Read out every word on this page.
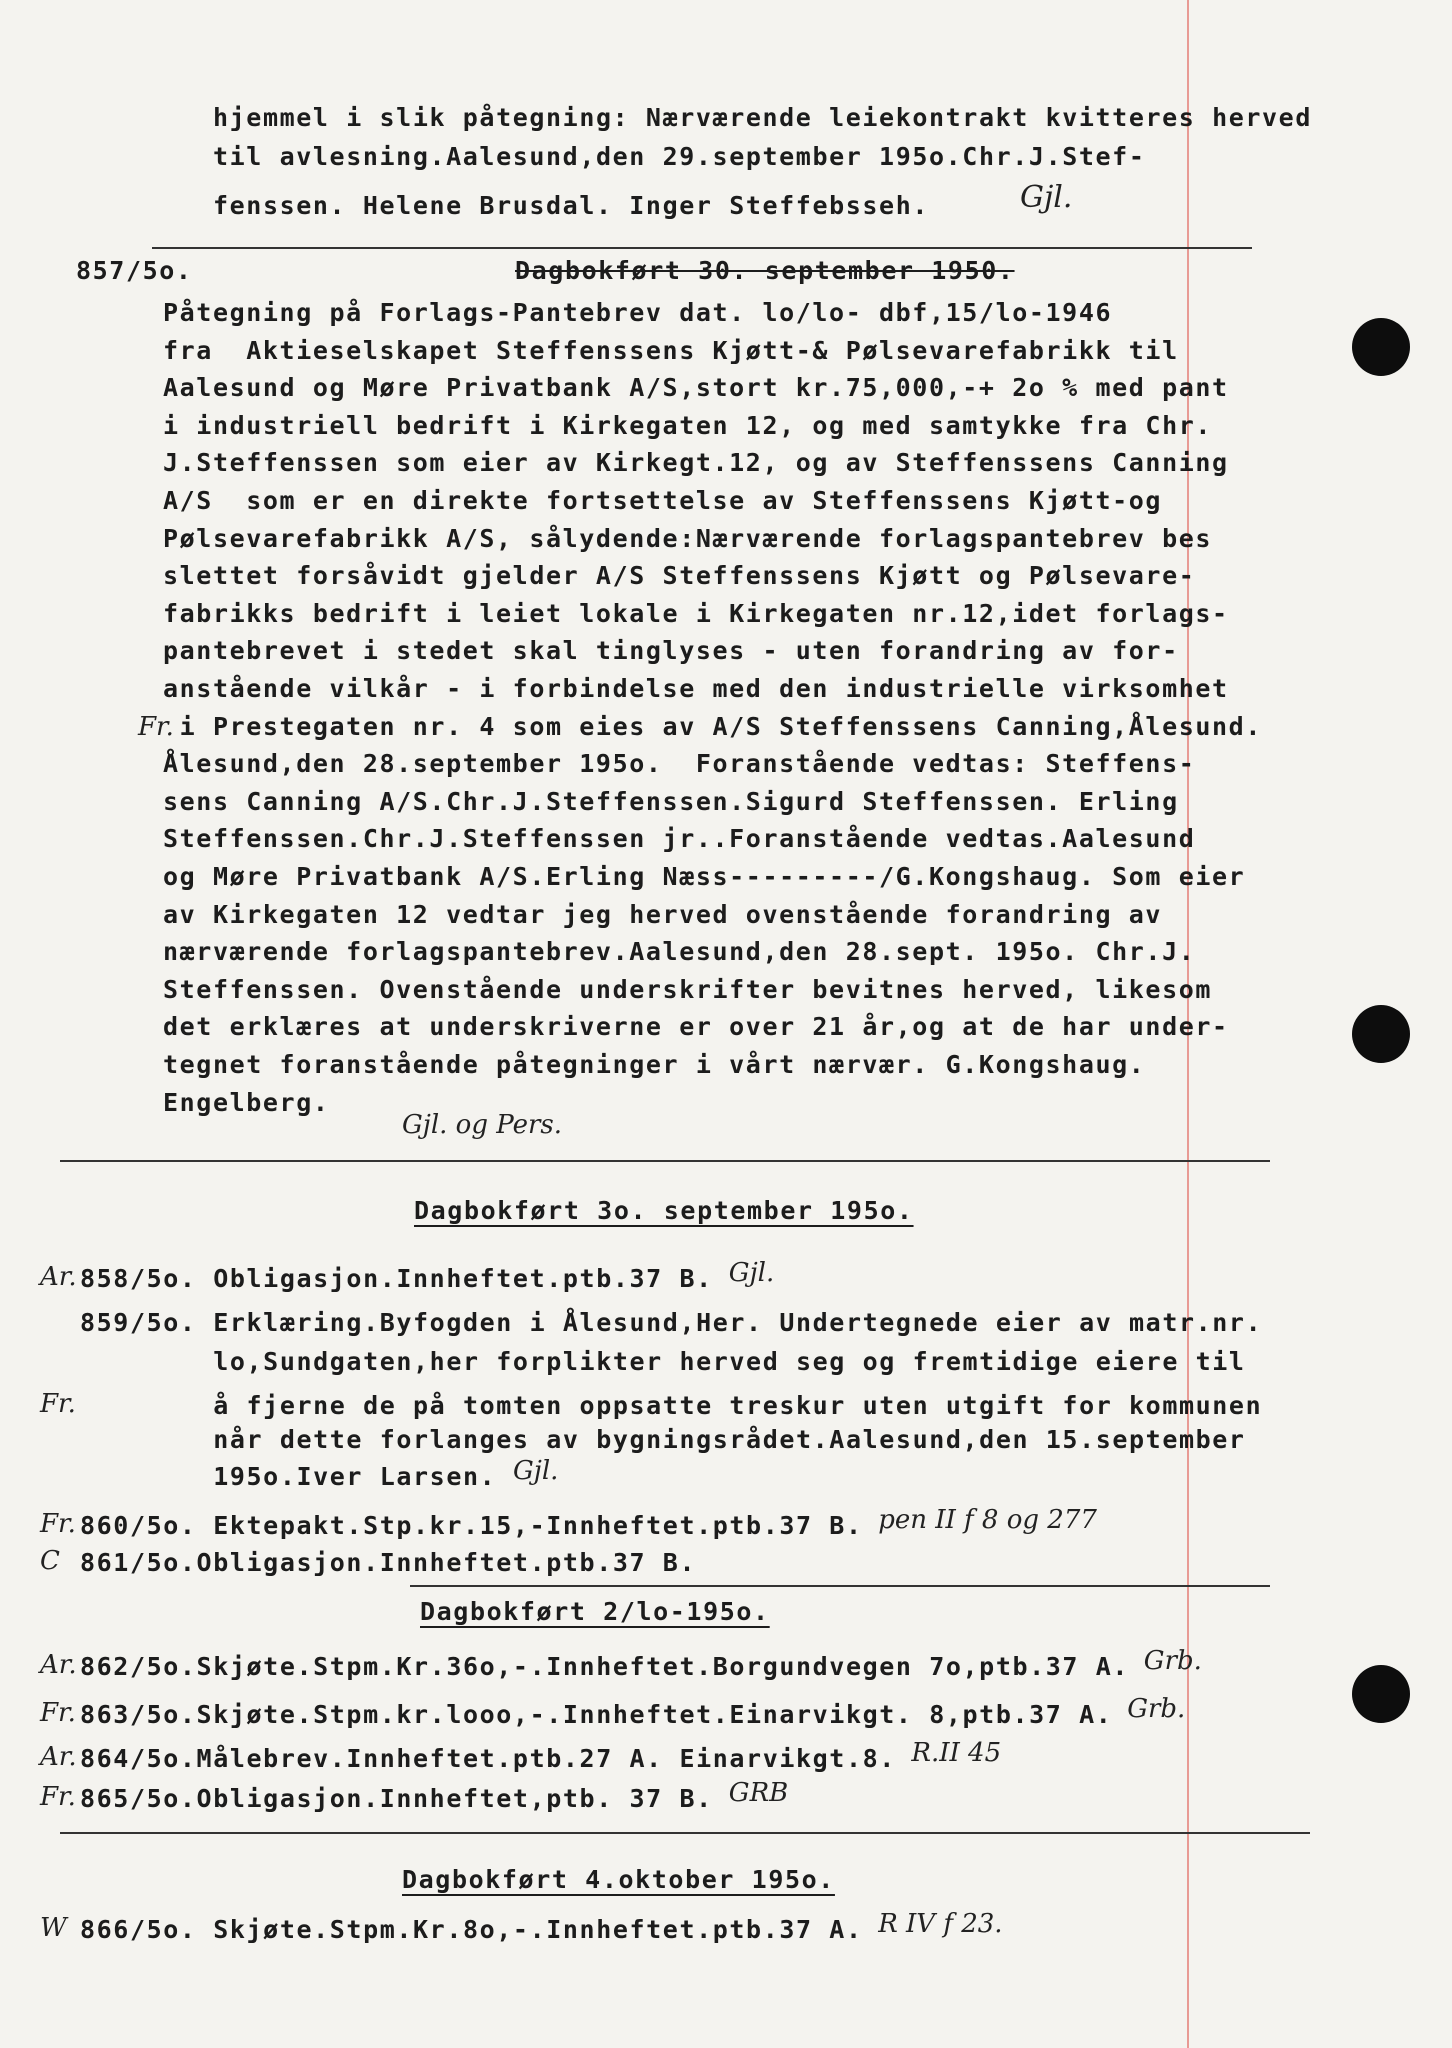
hjemmel i slik påtegning: Nærværende leiekontrakt kvitteres herved
til avlesning.Aalesund,den 29.september 195o.Chr.J.Stef-
fenssen. Helene Brusdal. Inger Steffebsseh.	Gjl.
857/5o.	Dagbokført 30. september 1950.
Fr.
Påtegning på Forlags-Pantebrev dat. lo/lo- dbf,15/lo-1946
fra  Aktieselskapet Steffenssens Kjøtt-& Pølsevarefabrikk til
Aalesund og Møre Privatbank A/S,stort kr.75,000,-+ 2o % med pant
i industriell bedrift i Kirkegaten 12, og med samtykke fra Chr.
J.Steffenssen som eier av Kirkegt.12, og av Steffenssens Canning
A/S  som er en direkte fortsettelse av Steffenssens Kjøtt-og
Pølsevarefabrikk A/S, sålydende:Nærværende forlagspantebrev bes
slettet forsåvidt gjelder A/S Steffenssens Kjøtt og Pølsevare-
fabrikks bedrift i leiet lokale i Kirkegaten nr.12,idet forlags-
pantebrevet i stedet skal tinglyses - uten forandring av for-
anstående vilkår - i forbindelse med den industrielle virksomhet
i Prestegaten nr. 4 som eies av A/S Steffenssens Canning,Ålesund.
Ålesund,den 28.september 195o.  Foranstående vedtas: Steffens-
sens Canning A/S.Chr.J.Steffenssen.Sigurd Steffenssen. Erling
Steffenssen.Chr.J.Steffenssen jr..Foranstående vedtas.Aalesund
og Møre Privatbank A/S.Erling Næss---------/G.Kongshaug. Som eier
av Kirkegaten 12 vedtar jeg herved ovenstående forandring av
nærværende forlagspantebrev.Aalesund,den 28.sept. 195o. Chr.J.
Steffenssen. Ovenstående underskrifter bevitnes herved, likesom
det erklæres at underskriverne er over 21 år,og at de har under-
tegnet foranstående påtegninger i vårt nærvær. G.Kongshaug.
Engelberg.
Gjl. og Pers.
Dagbokført 3o. september 195o.
858/5o. Obligasjon.Innheftet.ptb.37 B. Gjl.
Ar.
859/5o. Erklæring.Byfogden i Ålesund,Her. Undertegnede eier av matr.nr.
lo,Sundgaten,her forplikter herved seg og fremtidige eiere til
å fjerne de på tomten oppsatte treskur uten utgift for kommunen
Fr.
når dette forlanges av bygningsrådet.Aalesund,den 15.september
195o.Iver Larsen. Gjl.
860/5o. Ektepakt.Stp.kr.15,-Innheftet.ptb.37 B. pen II f 8 og 277
Fr.
861/5o.Obligasjon.Innheftet.ptb.37 B.
C
Dagbokført 2/lo-195o.
862/5o.Skjøte.Stpm.Kr.36o,-.Innheftet.Borgundvegen 7o,ptb.37 A. Grb.
Ar.
863/5o.Skjøte.Stpm.kr.looo,-.Innheftet.Einarvikgt. 8,ptb.37 A. Grb.
Fr.
864/5o.Målebrev.Innheftet.ptb.27 A. Einarvikgt.8. R.II 45
Ar.
865/5o.Obligasjon.Innheftet,ptb. 37 B. GRB
Fr.
Dagbokført 4.oktober 195o.
866/5o. Skjøte.Stpm.Kr.8o,-.Innheftet.ptb.37 A. R IV f 23.
W
